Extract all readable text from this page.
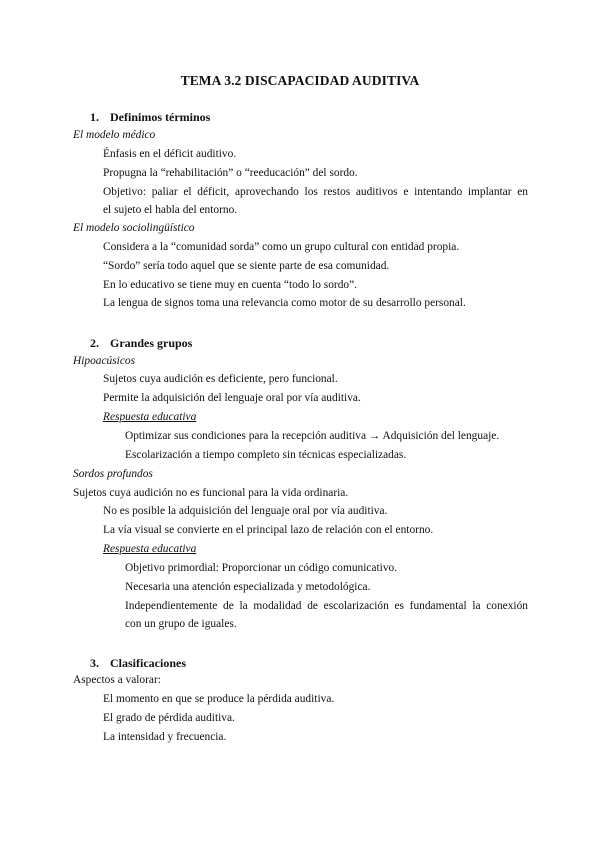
TEMA 3.2 DISCAPACIDAD AUDITIVA
1. Definimos términos
El modelo médico
Énfasis en el déficit auditivo.
Propugna la “rehabilitación” o “reeducación” del sordo.
Objetivo: paliar el déficit, aprovechando los restos auditivos e intentando implantar en
el sujeto el habla del entorno.
El modelo sociolingüístico
Considera a la “comunidad sorda” como un grupo cultural con entidad propia.
“Sordo” sería todo aquel que se siente parte de esa comunidad.
En lo educativo se tiene muy en cuenta “todo lo sordo”.
La lengua de signos toma una relevancia como motor de su desarrollo personal.
2. Grandes grupos
Hipoacúsicos
Sujetos cuya audición es deficiente, pero funcional.
Permite la adquisición del lenguaje oral por vía auditiva.
Respuesta educativa
Optimizar sus condiciones para la recepción auditiva → Adquisición del lenguaje.
Escolarización a tiempo completo sin técnicas especializadas.
Sordos profundos
Sujetos cuya audición no es funcional para la vida ordinaria.
No es posible la adquisición del lenguaje oral por vía auditiva.
La vía visual se convierte en el principal lazo de relación con el entorno.
Respuesta educativa
Objetivo primordial: Proporcionar un código comunicativo.
Necesaria una atención especializada y metodológica.
Independientemente de la modalidad de escolarización es fundamental la conexión
con un grupo de iguales.
3. Clasificaciones
Aspectos a valorar:
El momento en que se produce la pérdida auditiva.
El grado de pérdida auditiva.
La intensidad y frecuencia.
